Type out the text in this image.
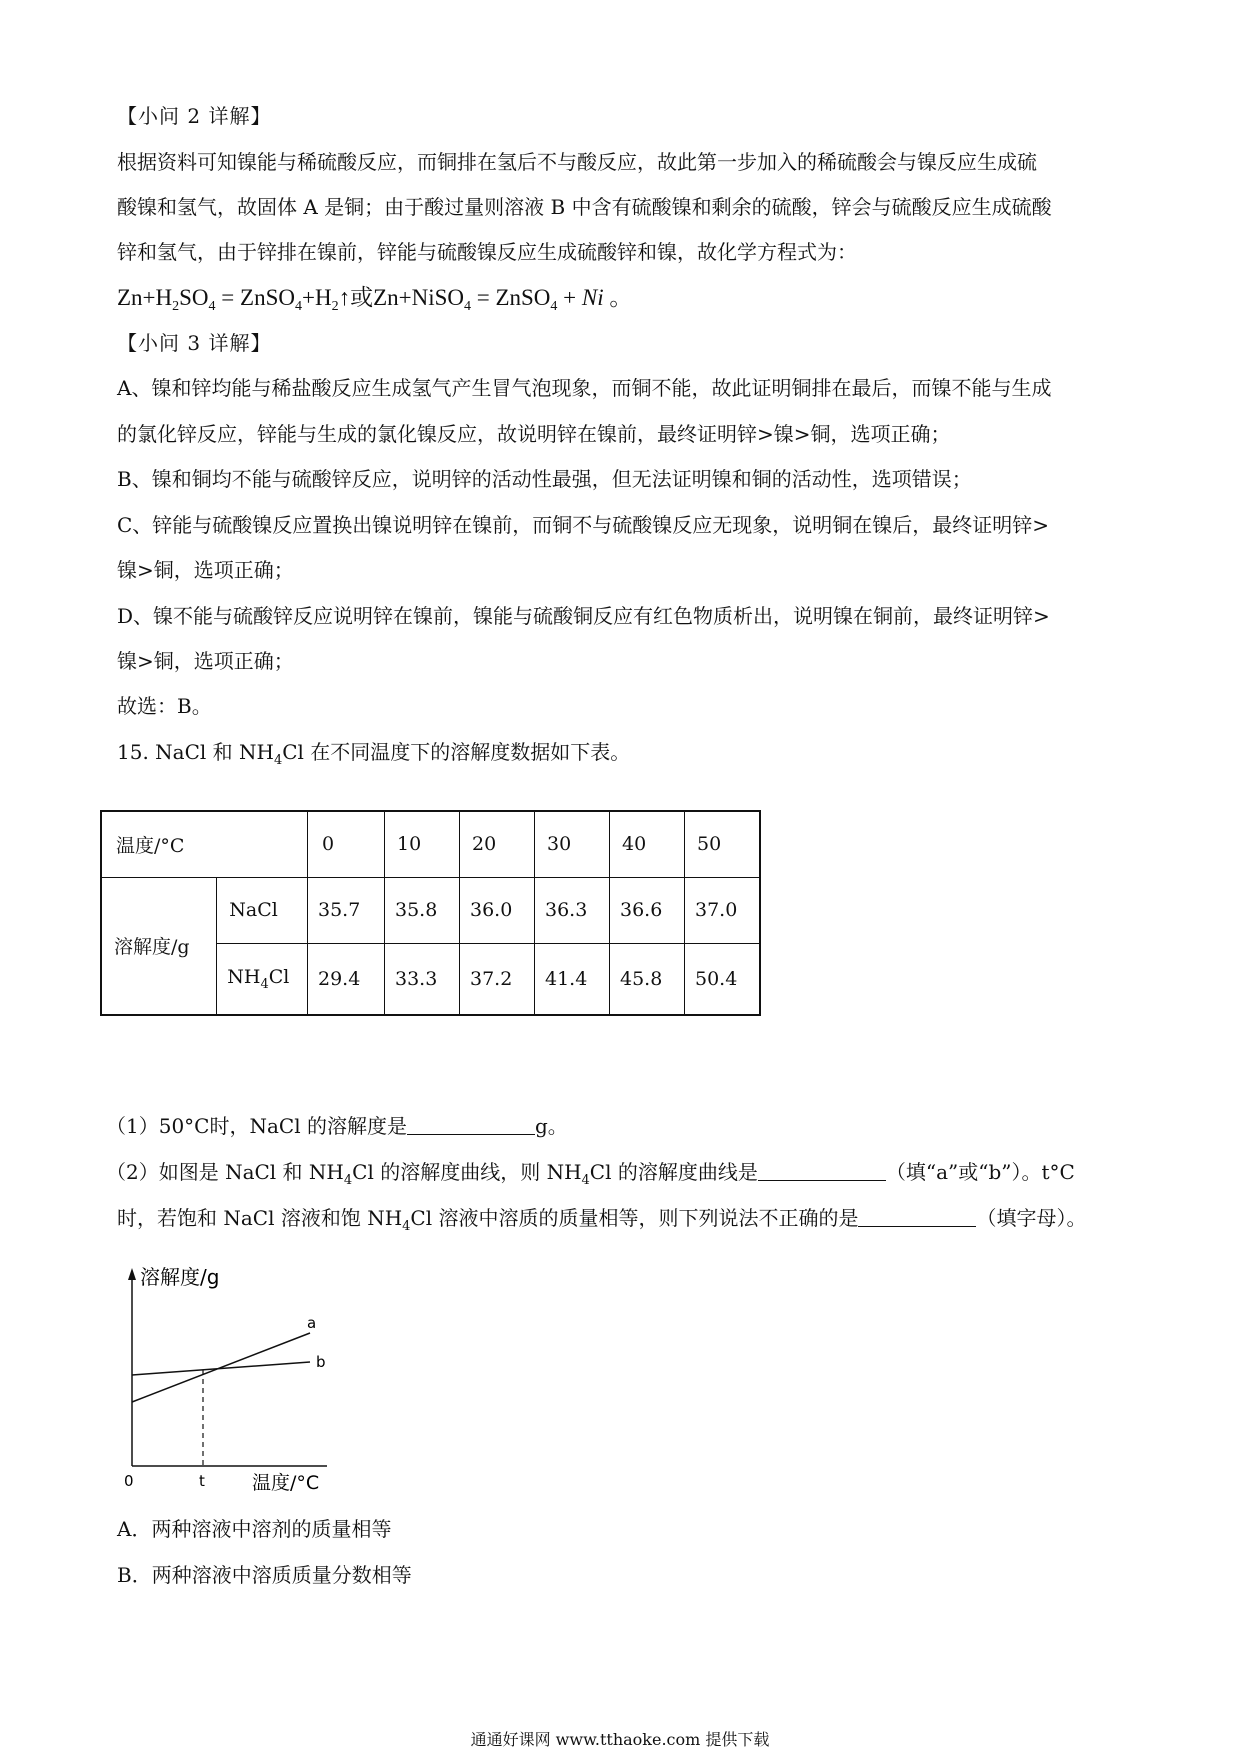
【小问 2 详解】
根据资料可知镍能与稀硫酸反应，而铜排在氢后不与酸反应，故此第一步加入的稀硫酸会与镍反应生成硫
酸镍和氢气，故固体 A 是铜；由于酸过量则溶液 B 中含有硫酸镍和剩余的硫酸，锌会与硫酸反应生成硫酸
锌和氢气，由于锌排在镍前，锌能与硫酸镍反应生成硫酸锌和镍，故化学方程式为：
$Zn+H_2SO_4$ = $ZnSO_4+H_2↑$或Zn+NiSO$_4$ = ZnSO$_4$ + Ni 。
【小问 3 详解】
A、镍和锌均能与稀盐酸反应生成氢气产生冒气泡现象，而铜不能，故此证明铜排在最后，而镍不能与生成
的氯化锌反应，锌能与生成的氯化镍反应，故说明锌在镍前，最终证明锌>镍>铜，选项正确；
B、镍和铜均不能与硫酸锌反应，说明锌的活动性最强，但无法证明镍和铜的活动性，选项错误；
C、锌能与硫酸镍反应置换出镍说明锌在镍前，而铜不与硫酸镍反应无现象，说明铜在镍后，最终证明锌>
镍>铜，选项正确；
D、镍不能与硫酸锌反应说明锌在镍前，镍能与硫酸铜反应有红色物质析出，说明镍在铜前，最终证明锌>
镍>铜，选项正确；
故选：B。
15. NaCl 和 $NH_4Cl$ 在不同温度下的溶解度数据如下表。
温度/°C		0	10	20	30	40	50
溶解度/g	NaCl	35.7	35.8	36.0	36.3	36.6	37.0
	$NH_4Cl$	29.4	33.3	37.2	41.4	45.8	50.4
（1）50°C时，NaCl 的溶解度是	g。
（2）如图是 NaCl 和 $NH_4Cl$ 的溶解度曲线，则 $NH_4Cl$ 的溶解度曲线是	（填“a”或“b”）。t°C
时，若饱和 NaCl 溶液和饱 $NH_4Cl$ 溶液中溶质的质量相等，则下列说法不正确的是	（填字母）。
溶解度/g
a
b
0	t 温度/°C
A．两种溶液中溶剂的质量相等
B．两种溶液中溶质质量分数相等
通通好课网 www.tthaoke.com 提供下载
